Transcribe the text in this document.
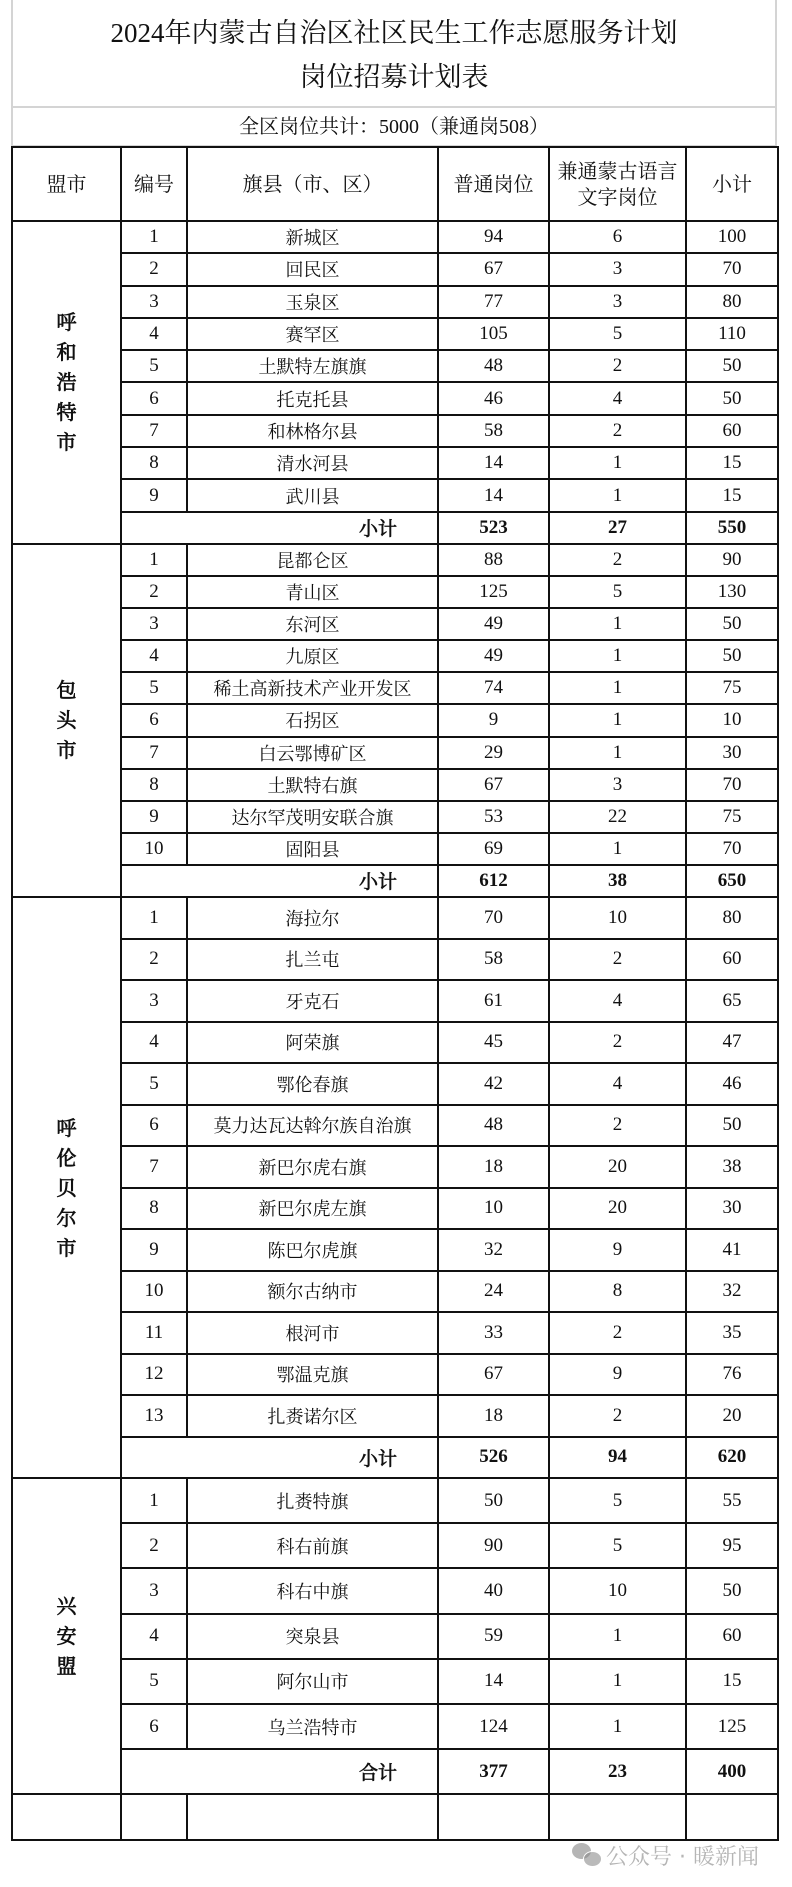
2024年内蒙古自治区社区民生工作志愿服务计划
岗位招募计划表
全区岗位共计：5000（兼通岗508）
盟市	编号	旗县（市、区）	普通岗位	兼通蒙古语言文字岗位	小计
呼和浩特市	1	新城区	94	6	100
	2	回民区	67	3	70
	3	玉泉区	77	3	80
	4	赛罕区	105	5	110
	5	土默特左旗旗	48	2	50
	6	托克托县	46	4	50
	7	和林格尔县	58	2	60
	8	清水河县	14	1	15
	9	武川县	14	1	15
	小计		523	27	550
包头市	1	昆都仑区	88	2	90
	2	青山区	125	5	130
	3	东河区	49	1	50
	4	九原区	49	1	50
	5	稀土高新技术产业开发区	74	1	75
	6	石拐区	9	1	10
	7	白云鄂博矿区	29	1	30
	8	土默特右旗	67	3	70
	9	达尔罕茂明安联合旗	53	22	75
	10	固阳县	69	1	70
	小计		612	38	650
呼伦贝尔市	1	海拉尔	70	10	80
	2	扎兰屯	58	2	60
	3	牙克石	61	4	65
	4	阿荣旗	45	2	47
	5	鄂伦春旗	42	4	46
	6	莫力达瓦达斡尔族自治旗	48	2	50
	7	新巴尔虎右旗	18	20	38
	8	新巴尔虎左旗	10	20	30
	9	陈巴尔虎旗	32	9	41
	10	额尔古纳市	24	8	32
	11	根河市	33	2	35
	12	鄂温克旗	67	9	76
	13	扎赉诺尔区	18	2	20
	小计		526	94	620
兴安盟	1	扎赉特旗	50	5	55
	2	科右前旗	90	5	95
	3	科右中旗	40	10	50
	4	突泉县	59	1	60
	5	阿尔山市	14	1	15
	6	乌兰浩特市	124	1	125
	合计		377	23	400

公众号 · 暖新闻
